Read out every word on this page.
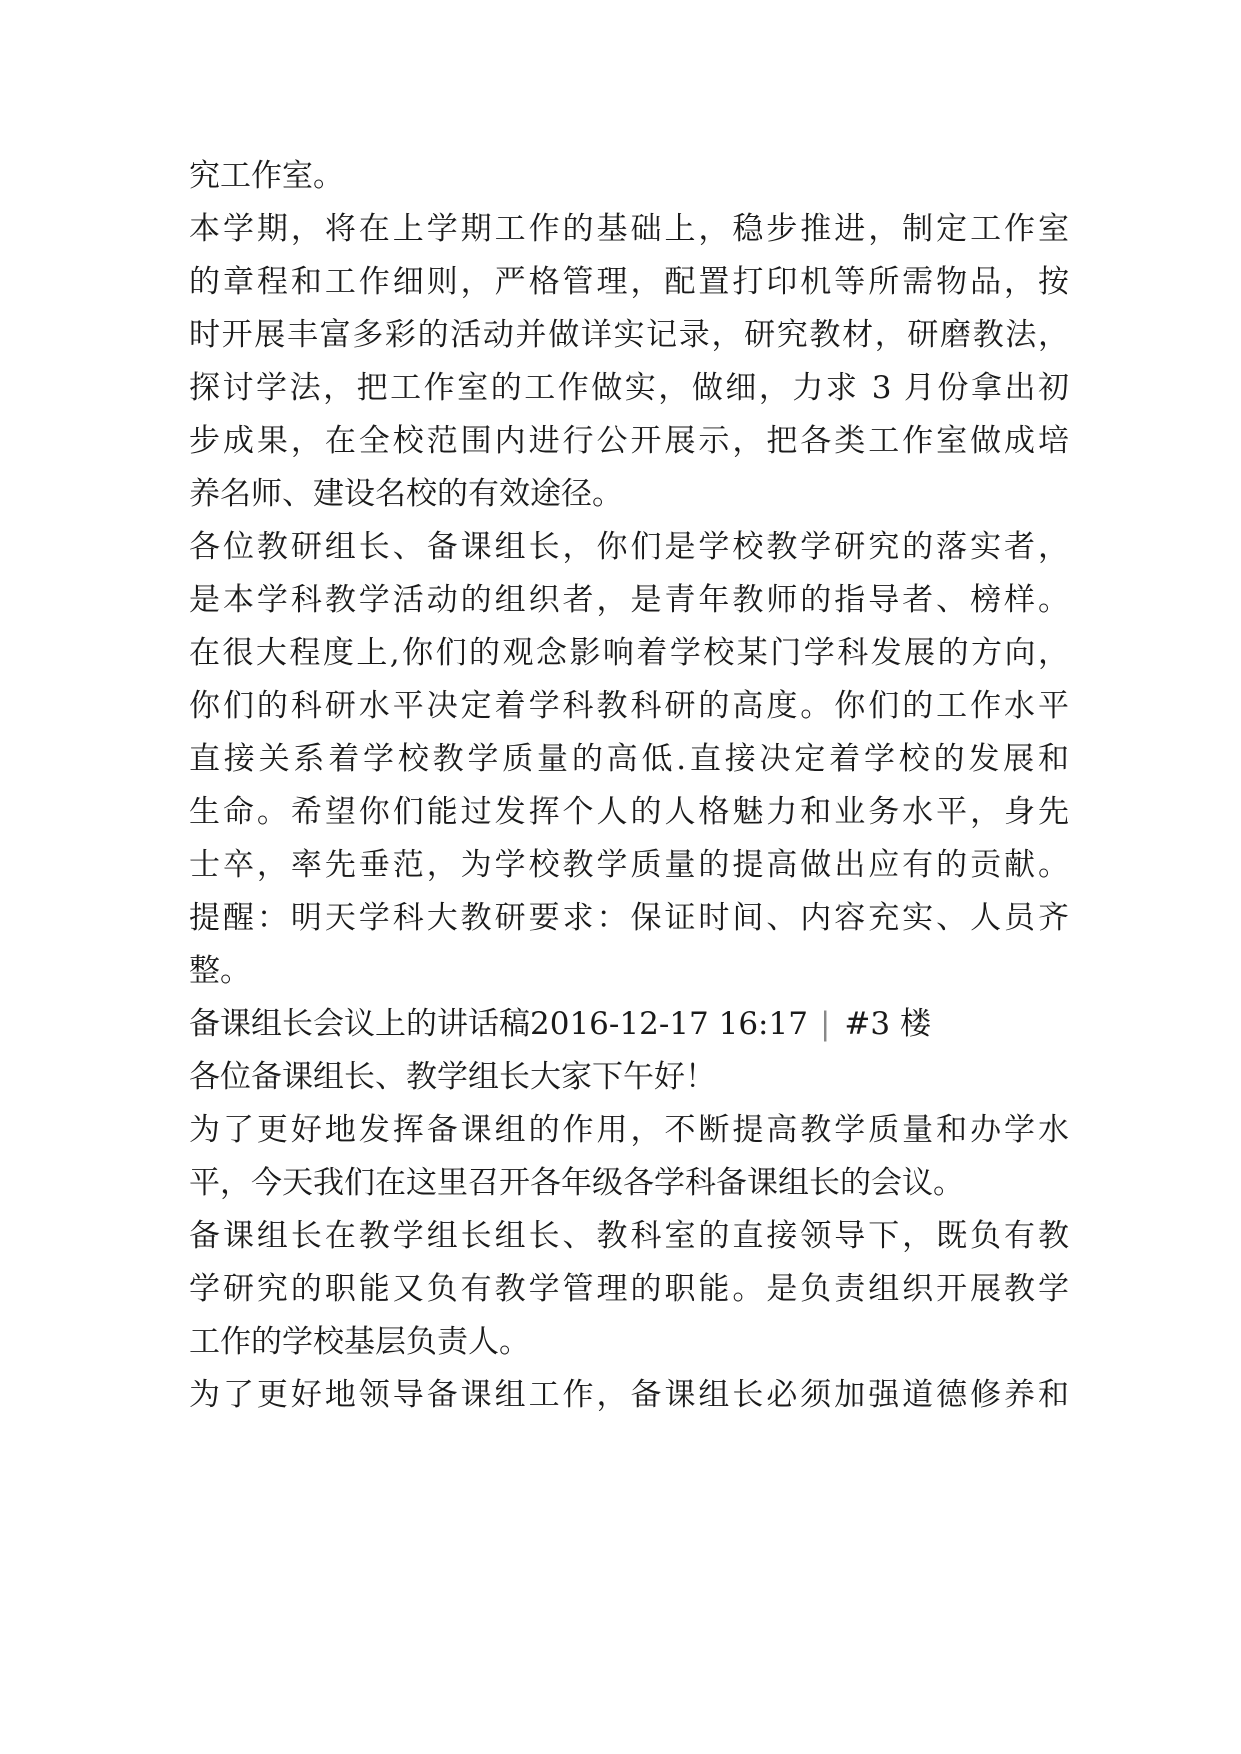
究工作室。
本学期，将在上学期工作的基础上，稳步推进，制定工作室
的章程和工作细则，严格管理，配置打印机等所需物品，按
时开展丰富多彩的活动并做详实记录，研究教材，研磨教法，
探讨学法，把工作室的工作做实，做细，力求 3 月份拿出初
步成果，在全校范围内进行公开展示，把各类工作室做成培
养名师、建设名校的有效途径。
各位教研组长、备课组长，你们是学校教学研究的落实者，
是本学科教学活动的组织者，是青年教师的指导者、榜样。
在很大程度上,你们的观念影响着学校某门学科发展的方向，
你们的科研水平决定着学科教科研的高度。你们的工作水平
直接关系着学校教学质量的高低.直接决定着学校的发展和
生命。希望你们能过发挥个人的人格魅力和业务水平，身先
士卒，率先垂范，为学校教学质量的提高做出应有的贡献。
提醒：明天学科大教研要求：保证时间、内容充实、人员齐
整。
备课组长会议上的讲话稿2016-12-17 16:17 | #3 楼
各位备课组长、教学组长大家下午好！
为了更好地发挥备课组的作用，不断提高教学质量和办学水
平，今天我们在这里召开各年级各学科备课组长的会议。
备课组长在教学组长组长、教科室的直接领导下，既负有教
学研究的职能又负有教学管理的职能。是负责组织开展教学
工作的学校基层负责人。
为了更好地领导备课组工作，备课组长必须加强道德修养和
